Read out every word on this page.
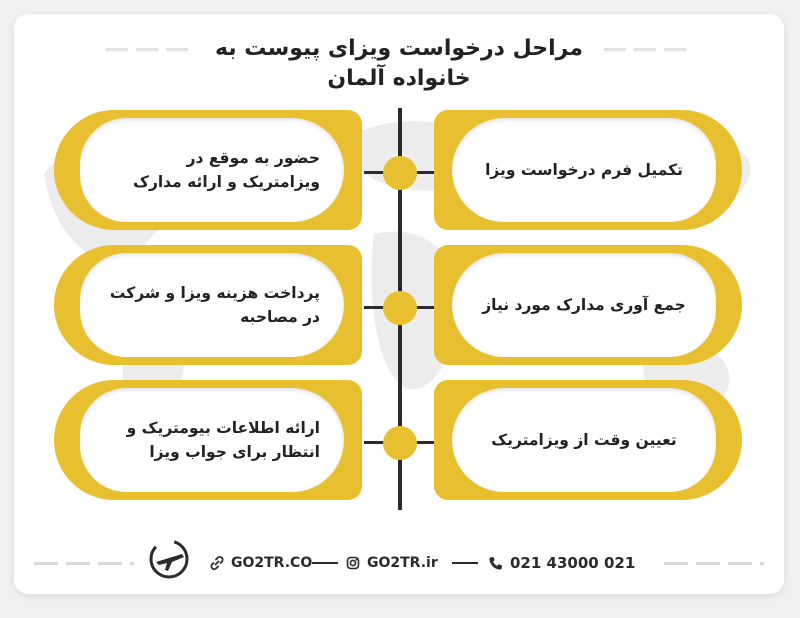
مراحل درخواست ویزای پیوست به خانواده آلمان
تکمیل فرم درخواست ویزا
جمع آوری مدارک مورد نیاز
تعیین وقت از ویزامتریک
حضور به موقع در ویزامتریک و ارائه مدارک
پرداخت هزینه ویزا و شرکت در مصاحبه
ارائه اطلاعات بیومتریک و انتظار برای جواب ویزا
GO2TR.CO	GO2TR.ir	021 43000 021
